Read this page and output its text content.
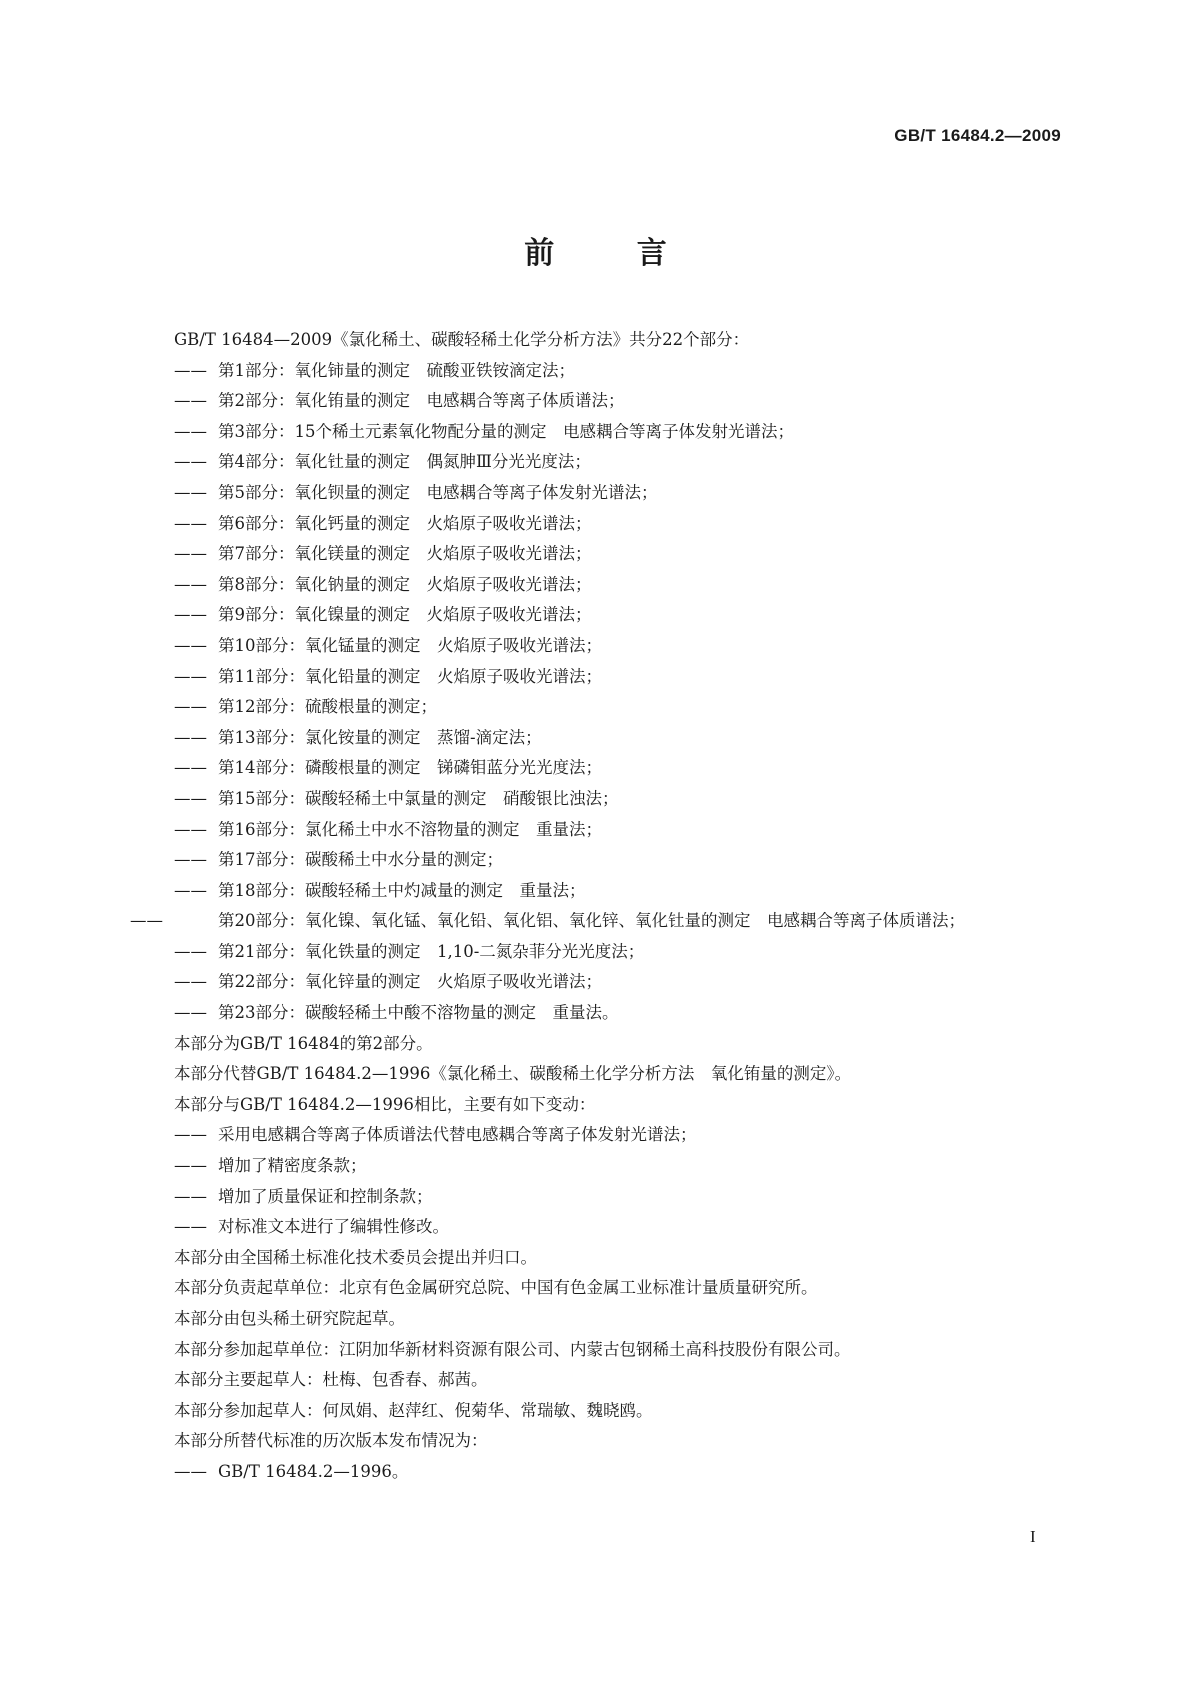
GB/T 16484.2—2009
前 言
GB/T 16484—2009《氯化稀土、碳酸轻稀土化学分析方法》共分22个部分：
—— 第1部分：氧化铈量的测定　硫酸亚铁铵滴定法；
—— 第2部分：氧化铕量的测定　电感耦合等离子体质谱法；
—— 第3部分：15个稀土元素氧化物配分量的测定　电感耦合等离子体发射光谱法；
—— 第4部分：氧化钍量的测定　偶氮胂Ⅲ分光光度法；
—— 第5部分：氧化钡量的测定　电感耦合等离子体发射光谱法；
—— 第6部分：氧化钙量的测定　火焰原子吸收光谱法；
—— 第7部分：氧化镁量的测定　火焰原子吸收光谱法；
—— 第8部分：氧化钠量的测定　火焰原子吸收光谱法；
—— 第9部分：氧化镍量的测定　火焰原子吸收光谱法；
—— 第10部分：氧化锰量的测定　火焰原子吸收光谱法；
—— 第11部分：氧化铅量的测定　火焰原子吸收光谱法；
—— 第12部分：硫酸根量的测定；
—— 第13部分：氯化铵量的测定　蒸馏-滴定法；
—— 第14部分：磷酸根量的测定　锑磷钼蓝分光光度法；
—— 第15部分：碳酸轻稀土中氯量的测定　硝酸银比浊法；
—— 第16部分：氯化稀土中水不溶物量的测定　重量法；
—— 第17部分：碳酸稀土中水分量的测定；
—— 第18部分：碳酸轻稀土中灼减量的测定　重量法；
——	第20部分：氧化镍、氧化锰、氧化铅、氧化铝、氧化锌、氧化钍量的测定　电感耦合等离子体质谱法；
—— 第21部分：氧化铁量的测定　1,10-二氮杂菲分光光度法；
—— 第22部分：氧化锌量的测定　火焰原子吸收光谱法；
—— 第23部分：碳酸轻稀土中酸不溶物量的测定　重量法。
本部分为GB/T 16484的第2部分。
本部分代替GB/T 16484.2—1996《氯化稀土、碳酸稀土化学分析方法　氧化铕量的测定》。
本部分与GB/T 16484.2—1996相比，主要有如下变动：
—— 采用电感耦合等离子体质谱法代替电感耦合等离子体发射光谱法；
—— 增加了精密度条款；
—— 增加了质量保证和控制条款；
—— 对标准文本进行了编辑性修改。
本部分由全国稀土标准化技术委员会提出并归口。
本部分负责起草单位：北京有色金属研究总院、中国有色金属工业标准计量质量研究所。
本部分由包头稀土研究院起草。
本部分参加起草单位：江阴加华新材料资源有限公司、内蒙古包钢稀土高科技股份有限公司。
本部分主要起草人：杜梅、包香春、郝茜。
本部分参加起草人：何凤娟、赵萍红、倪菊华、常瑞敏、魏晓鸥。
本部分所替代标准的历次版本发布情况为：
—— GB/T 16484.2—1996。
I
